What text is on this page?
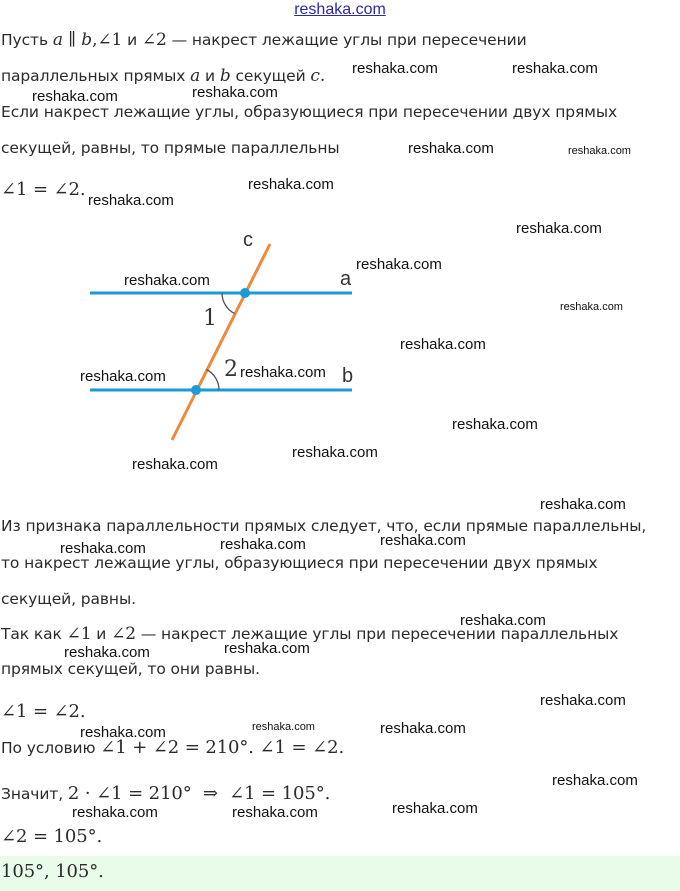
reshaka.com
Пусть a ∥ b,∠1 и ∠2 — накрест лежащие углы при пересечении
параллельных прямых a и b секущей c.
Если накрест лежащие углы, образующиеся при пересечении двух прямых
секущей, равны, то прямые параллельны
∠1 = ∠2.
c
a
b
1
2
Из признака параллельности прямых следует, что, если прямые параллельны,
то накрест лежащие углы, образующиеся при пересечении двух прямых
секущей, равны.
Так как ∠1 и ∠2 — накрест лежащие углы при пересечении параллельных
прямых секущей, то они равны.
∠1 = ∠2.
По условию ∠1 + ∠2 = 210°. ∠1 = ∠2.
Значит, 2 · ∠1 = 210°  ⇒  ∠1 = 105°.
∠2 = 105°.
105°, 105°.
reshaka.com	reshaka.com
reshaka.com	reshaka.com
reshaka.com	reshaka.com
reshaka.com
reshaka.com
reshaka.com
reshaka.com
reshaka.com
reshaka.com
reshaka.com
reshaka.com	reshaka.com
reshaka.com
reshaka.com
reshaka.com
reshaka.com
reshaka.com
reshaka.com	reshaka.com
reshaka.com
reshaka.com	reshaka.com
reshaka.com
reshaka.com	reshaka.com	reshaka.com
reshaka.com
reshaka.com	reshaka.com	reshaka.com
